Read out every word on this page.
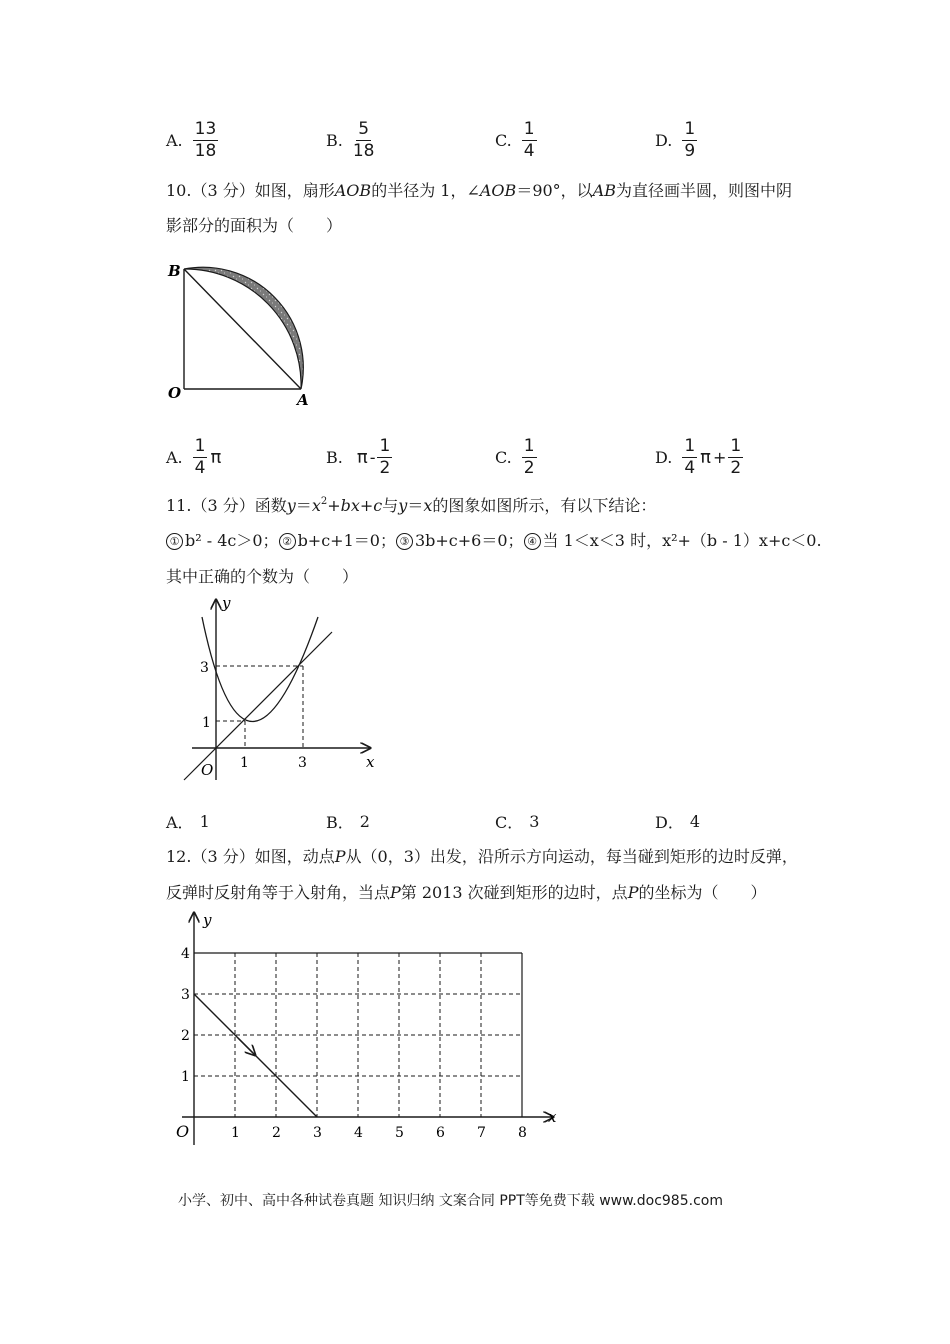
A. $\frac{13}{18}$	B. $\frac{5}{18}$	C. $\frac{1}{4}$	D. $\frac{1}{9}$
10.（3 分）如图，扇形AOB的半径为 1，∠AOB＝90°，以AB为直径画半圆，则图中阴
影部分的面积为（　　）
B
O	A
A. $\frac{1}{4}$ π	B. π - $\frac{1}{2}$	C. $\frac{1}{2}$	D. $\frac{1}{4}$ $\pi + \frac{1}{2}$
11.（3 分）函数$y=x^2+bx+c$与y＝x的图象如图所示，有以下结论：
① b² - 4c＞0； ② b+c+1＝0； ③ 3b+c+6＝0； ④ 当 1＜x＜3 时，x²+（b - 1）x+c＜0.
其中正确的个数为（　　）
y
x
O
3
1
1	3
A． 1	B． 2	C． 3	D． 4
12.（3 分）如图，动点P从（0，3）出发，沿所示方向运动，每当碰到矩形的边时反弹，
反弹时反射角等于入射角，当点P第 2013 次碰到矩形的边时，点P的坐标为（　　）
1 2 3 4 5 6 7 8
1
2
3
4
y
x
O
小学、初中、高中各种试卷真题 知识归纳 文案合同 PPT等免费下载 www.doc985.com
